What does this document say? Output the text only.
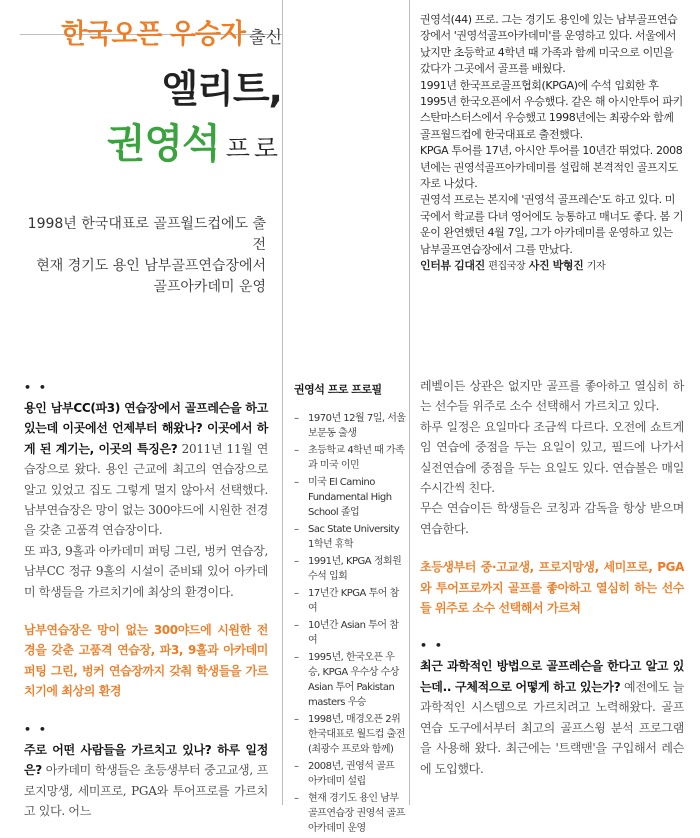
한국오픈 우승자 출신
엘리트,
권영석 프로
1998년 한국대표로 골프월드컵에도 출전
현재 경기도 용인 남부골프연습장에서
골프아카데미 운영

권영석(44) 프로. 그는 경기도 용인에 있는 남부골프연습장에서 '권영석골프아카데미'를 운영하고 있다. 서울에서 났지만 초등학교 4학년 때 가족과 함께 미국으로 이민을 갔다가 그곳에서 골프를 배웠다.

1991년 한국프로골프협회(KPGA)에 수석 입회한 후 1995년 한국오픈에서 우승했다. 같은 해 아시안투어 파키스탄마스터스에서 우승했고 1998년에는 최광수와 함께 골프월드컵에 한국대표로 출전했다.

KPGA 투어를 17년, 아시안 투어를 10년간 뛰었다. 2008년에는 권영석골프아카데미를 설립해 본격적인 골프지도자로 나섰다.

권영석 프로는 본지에 '권영석 골프레슨'도 하고 있다. 미국에서 학교를 다녀 영어에도 능통하고 매너도 좋다. 봄 기운이 완연했던 4월 7일, 그가 아카데미를 운영하고 있는 남부골프연습장에서 그를 만났다.

인터뷰 김대진 편집국장 사진 박형진 기자

• •

용인 남부CC(파3) 연습장에서 골프레슨을 하고 있는데 이곳에선 언제부터 해왔나? 이곳에서 하게 된 계기는, 이곳의 특징은? 2011년 11월 연습장으로 왔다. 용인 근교에 최고의 연습장으로 알고 있었고 집도 그렇게 멀지 않아서 선택했다. 남부연습장은 망이 없는 300야드에 시원한 전경을 갖춘 고품격 연습장이다.

또 파3, 9홀과 아카데미 퍼팅 그린, 벙커 연습장, 남부CC 정규 9홀의 시설이 준비돼 있어 아카데미 학생들을 가르치기에 최상의 환경이다.

남부연습장은 망이 없는 300야드에 시원한 전경을 갖춘 고품격 연습장, 파3, 9홀과 아카데미 퍼팅 그린, 벙커 연습장까지 갖춰 학생들을 가르치기에 최상의 환경
• •

주로 어떤 사람들을 가르치고 있나? 하루 일정은? 아카데미 학생들은 초등생부터 중고교생, 프로지망생, 세미프로, PGA와 투어프로를 가르치고 있다. 어느

권영석 프로 프로필
– 1970년 12월 7일, 서울 보문동 출생
– 초등학교 4학년 때 가족과 미국 이민
– 미국 El Camino Fundamental High School 졸업
– Sac State University 1학년 휴학
– 1991년, KPGA 정회원 수석 입회
– 17년간 KPGA 투어 참여
– 10년간 Asian 투어 참여
– 1995년, 한국오픈 우승, KPGA 우수상 수상 Asian 투어 Pakistan masters 우승
– 1998년, 매경오픈 2위 한국대표로 월드컵 출전(최광수 프로와 함께)
– 2008년, 권영석 골프 아카데미 설립
– 현재 경기도 용인 남부골프연습장 권영석 골프아카데미 운영

레벨이든 상관은 없지만 골프를 좋아하고 열심히 하는 선수들 위주로 소수 선택해서 가르치고 있다.

하루 일정은 요일마다 조금씩 다르다. 오전에 쇼트게임 연습에 중점을 두는 요일이 있고, 필드에 나가서 실전연습에 중점을 두는 요일도 있다. 연습볼은 매일 수시간씩 친다.

무슨 연습이든 학생들은 코칭과 감독을 항상 받으며 연습한다.

초등생부터 중·고교생, 프로지망생, 세미프로, PGA와 투어프로까지 골프를 좋아하고 열심히 하는 선수들 위주로 소수 선택해서 가르쳐
• •

최근 과학적인 방법으로 골프레슨을 한다고 알고 있는데.. 구체적으로 어떻게 하고 있는가? 예전에도 늘 과학적인 시스템으로 가르치려고 노력해왔다. 골프 연습 도구에서부터 최고의 골프스윙 분석 프로그램을 사용해 왔다. 최근에는 '트랙맨'을 구입해서 레슨에 도입했다.
